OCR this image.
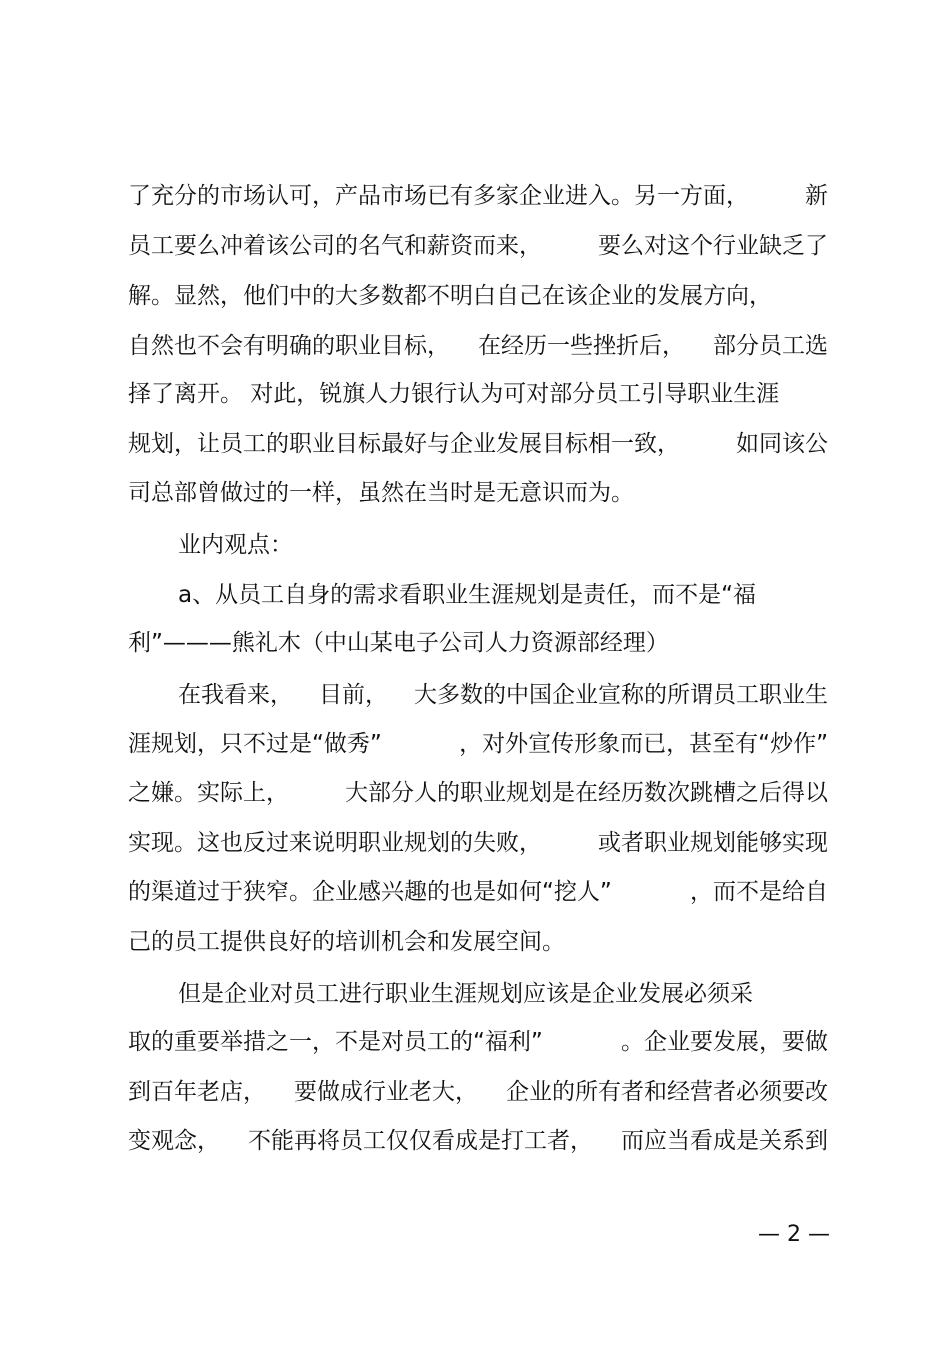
了充分的市场认可，产品市场已有多家企业进入。另一方面， 新
员工要么冲着该公司的名气和薪资而来， 要么对这个行业缺乏了
解。显然，他们中的大多数都不明白自己在该企业的发展方向，
自然也不会有明确的职业目标， 在经历一些挫折后， 部分员工选
择了离开。 对此，锐旗人力银行认为可对部分员工引导职业生涯
规划，让员工的职业目标最好与企业发展目标相一致， 如同该公
司总部曾做过的一样，虽然在当时是无意识而为。
业内观点：
a、从员工自身的需求看职业生涯规划是责任，而不是“福
利”———熊礼木（中山某电子公司人力资源部经理）
在我看来， 目前， 大多数的中国企业宣称的所谓员工职业生
涯规划，只不过是“做秀”	，对外宣传形象而已，甚至有“炒作”
之嫌。实际上， 大部分人的职业规划是在经历数次跳槽之后得以
实现。这也反过来说明职业规划的失败， 或者职业规划能够实现
的渠道过于狭窄。企业感兴趣的也是如何“挖人”	，而不是给自
己的员工提供良好的培训机会和发展空间。
但是企业对员工进行职业生涯规划应该是企业发展必须采
取的重要举措之一，不是对员工的“福利”	。企业要发展，要做
到百年老店， 要做成行业老大， 企业的所有者和经营者必须要改
变观念， 不能再将员工仅仅看成是打工者， 而应当看成是关系到
— 2 —
